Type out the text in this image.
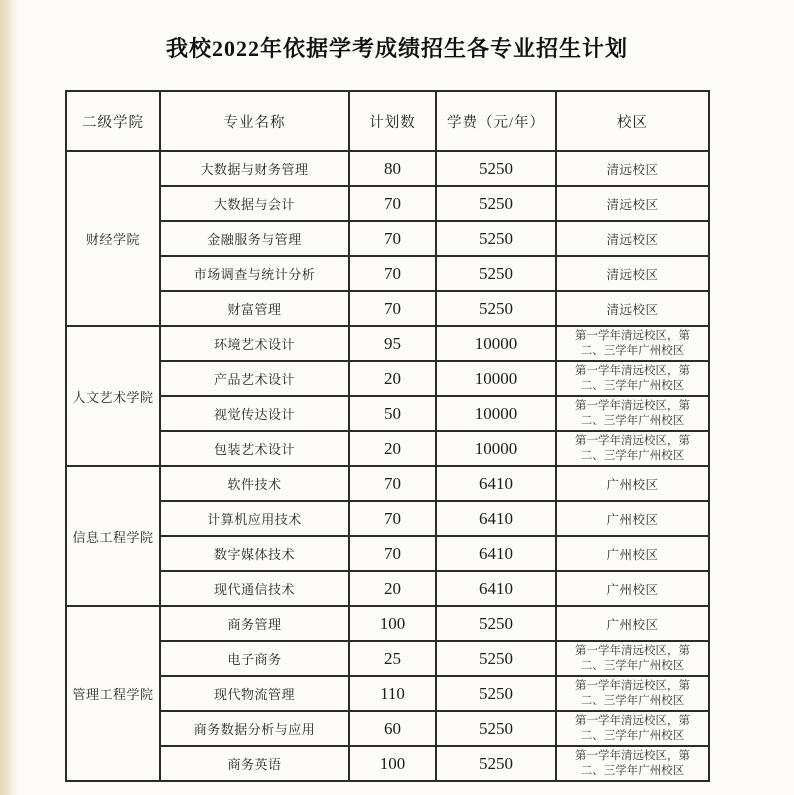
我校2022年依据学考成绩招生各专业招生计划
二级学院	专业名称	计划数	学费（元/年）	校区
财经学院	大数据与财务管理	80	5250	清远校区
	大数据与会计	70	5250	清远校区
	金融服务与管理	70	5250	清远校区
	市场调查与统计分析	70	5250	清远校区
	财富管理	70	5250	清远校区
人文艺术学院	环境艺术设计	95	10000	第一学年清远校区，第二、三学年广州校区
	产品艺术设计	20	10000	第一学年清远校区，第二、三学年广州校区
	视觉传达设计	50	10000	第一学年清远校区，第二、三学年广州校区
	包装艺术设计	20	10000	第一学年清远校区，第二、三学年广州校区
信息工程学院	软件技术	70	6410	广州校区
	计算机应用技术	70	6410	广州校区
	数字媒体技术	70	6410	广州校区
	现代通信技术	20	6410	广州校区
管理工程学院	商务管理	100	5250	广州校区
	电子商务	25	5250	第一学年清远校区，第二、三学年广州校区
	现代物流管理	110	5250	第一学年清远校区，第二、三学年广州校区
	商务数据分析与应用	60	5250	第一学年清远校区，第二、三学年广州校区
	商务英语	100	5250	第一学年清远校区，第二、三学年广州校区
